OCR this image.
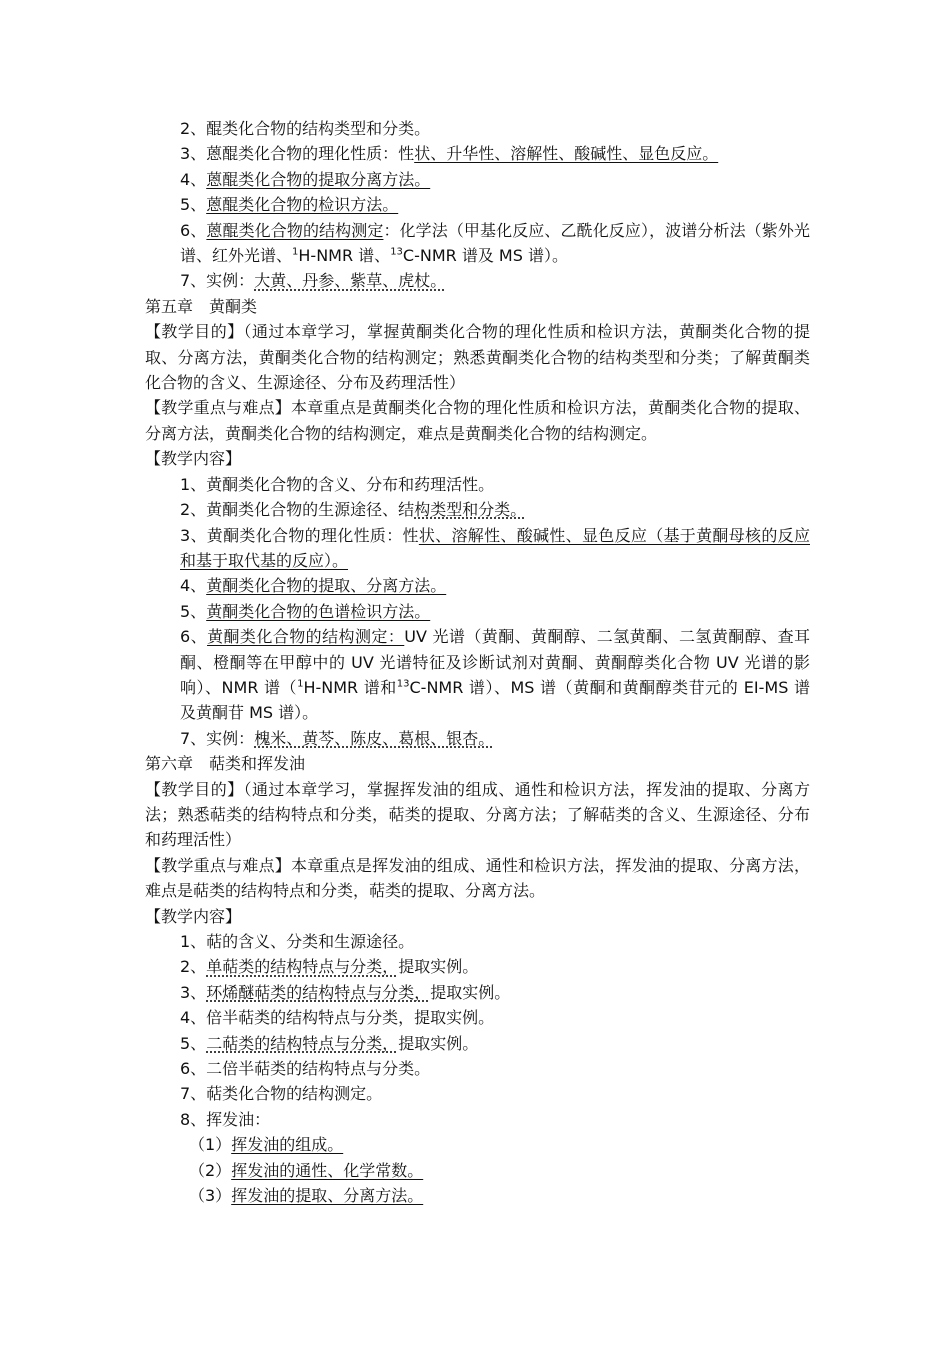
2、醌类化合物的结构类型和分类。

3、蒽醌类化合物的理化性质：性状、升华性、溶解性、酸碱性、显色反应。

4、蒽醌类化合物的提取分离方法。

5、蒽醌类化合物的检识方法。

6、蒽醌类化合物的结构测定：化学法（甲基化反应、乙酰化反应），波谱分析法（紫外光谱、红外光谱、$^1$H-NMR 谱、$^{13}$C-NMR 谱及 MS 谱）。

7、实例：大黄、丹参、紫草、虎杖。

第五章　黄酮类

【教学目的】（通过本章学习，掌握黄酮类化合物的理化性质和检识方法，黄酮类化合物的提取、分离方法，黄酮类化合物的结构测定；熟悉黄酮类化合物的结构类型和分类；了解黄酮类化合物的含义、生源途径、分布及药理活性）

【教学重点与难点】本章重点是黄酮类化合物的理化性质和检识方法，黄酮类化合物的提取、分离方法，黄酮类化合物的结构测定，难点是黄酮类化合物的结构测定。

【教学内容】

1、黄酮类化合物的含义、分布和药理活性。

2、黄酮类化合物的生源途径、结构类型和分类。

3、黄酮类化合物的理化性质：性状、溶解性、酸碱性、显色反应（基于黄酮母核的反应和基于取代基的反应）。

4、黄酮类化合物的提取、分离方法。

5、黄酮类化合物的色谱检识方法。

6、黄酮类化合物的结构测定：UV 光谱（黄酮、黄酮醇、二氢黄酮、二氢黄酮醇、查耳酮、橙酮等在甲醇中的 UV 光谱特征及诊断试剂对黄酮、黄酮醇类化合物 UV 光谱的影响）、NMR 谱（$^1$H-NMR 谱和$^{13}$C-NMR 谱）、MS 谱（黄酮和黄酮醇类苷元的 EI-MS 谱及黄酮苷 MS 谱）。

7、实例：槐米、黄芩、陈皮、葛根、银杏。

第六章　萜类和挥发油

【教学目的】（通过本章学习，掌握挥发油的组成、通性和检识方法，挥发油的提取、分离方法；熟悉萜类的结构特点和分类，萜类的提取、分离方法；了解萜类的含义、生源途径、分布和药理活性）

【教学重点与难点】本章重点是挥发油的组成、通性和检识方法，挥发油的提取、分离方法，难点是萜类的结构特点和分类，萜类的提取、分离方法。

【教学内容】

1、萜的含义、分类和生源途径。

2、单萜类的结构特点与分类，提取实例。

3、环烯醚萜类的结构特点与分类，提取实例。

4、倍半萜类的结构特点与分类，提取实例。

5、二萜类的结构特点与分类，提取实例。

6、二倍半萜类的结构特点与分类。

7、萜类化合物的结构测定。

8、挥发油：

（1）挥发油的组成。

（2）挥发油的通性、化学常数。

（3）挥发油的提取、分离方法。
